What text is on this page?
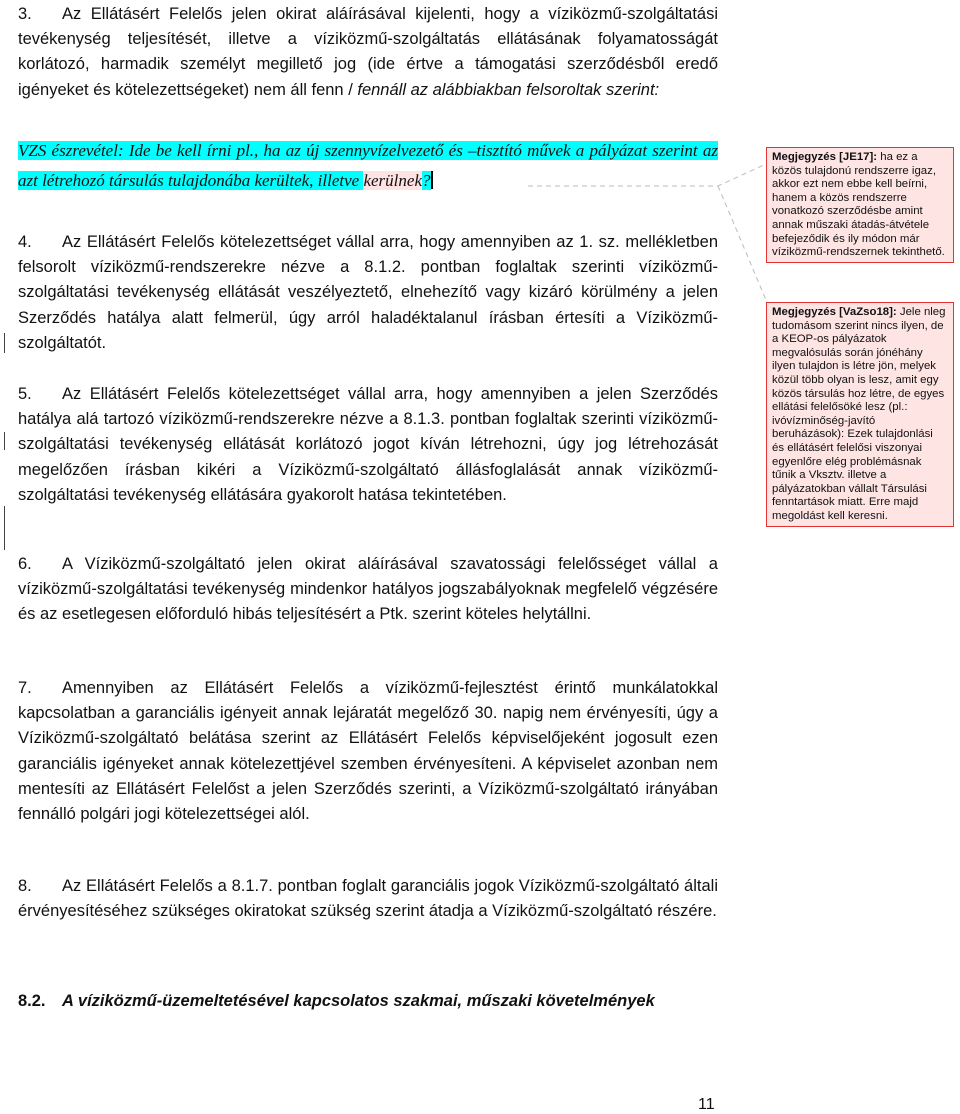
3. Az Ellátásért Felelős jelen okirat aláírásával kijelenti, hogy a víziközmű-szolgáltatási tevékenység teljesítését, illetve a víziközmű-szolgáltatás ellátásának folyamatosságát korlátozó, harmadik személyt megillető jog (ide értve a támogatási szerződésből eredő igényeket és kötelezettségeket) nem áll fenn / fennáll az alábbiakban felsoroltak szerint:

VZS észrevétel: Ide be kell írni pl., ha az új szennyvízelvezető és –tisztító művek a pályázat szerint az azt létrehozó társulás tulajdonába kerültek, illetve kerülnek?

4. Az Ellátásért Felelős kötelezettséget vállal arra, hogy amennyiben az 1. sz. mellékletben felsorolt víziközmű-rendszerekre nézve a 8.1.2. pontban foglaltak szerinti víziközmű-szolgáltatási tevékenység ellátását veszélyeztető, elnehezítő vagy kizáró körülmény a jelen Szerződés hatálya alatt felmerül, úgy arról haladéktalanul írásban értesíti a Víziközmű-szolgáltatót.

5. Az Ellátásért Felelős kötelezettséget vállal arra, hogy amennyiben a jelen Szerződés hatálya alá tartozó víziközmű-rendszerekre nézve a 8.1.3. pontban foglaltak szerinti víziközmű-szolgáltatási tevékenység ellátását korlátozó jogot kíván létrehozni, úgy jog létrehozását megelőzően írásban kikéri a Víziközmű-szolgáltató állásfoglalását annak víziközmű-szolgáltatási tevékenység ellátására gyakorolt hatása tekintetében.

6. A Víziközmű-szolgáltató jelen okirat aláírásával szavatossági felelősséget vállal a víziközmű-szolgáltatási tevékenység mindenkor hatályos jogszabályoknak megfelelő végzésére és az esetlegesen előforduló hibás teljesítésért a Ptk. szerint köteles helytállni.

7. Amennyiben az Ellátásért Felelős a víziközmű-fejlesztést érintő munkálatokkal kapcsolatban a garanciális igényeit annak lejáratát megelőző 30. napig nem érvényesíti, úgy a Víziközmű-szolgáltató belátása szerint az Ellátásért Felelős képviselőjeként jogosult ezen garanciális igényeket annak kötelezettjével szemben érvényesíteni. A képviselet azonban nem mentesíti az Ellátásért Felelőst a jelen Szerződés szerinti, a Víziközmű-szolgáltató irányában fennálló polgári jogi kötelezettségei alól.

8. Az Ellátásért Felelős a 8.1.7. pontban foglalt garanciális jogok Víziközmű-szolgáltató általi érvényesítéséhez szükséges okiratokat szükség szerint átadja a Víziközmű-szolgáltató részére.

8.2. A víziközmű-üzemeltetésével kapcsolatos szakmai, műszaki követelmények

Megjegyzés [JE17]: ha ez a közös tulajdonú rendszerre igaz, akkor ezt nem ebbe kell beírni, hanem a közös rendszerre vonatkozó szerződésbe amint annak műszaki átadás-átvétele befejeződik és ily módon már víziközmű-rendszernek tekinthető.
Megjegyzés [VaZso18]: Jele nleg tudomásom szerint nincs ilyen, de a KEOP-os pályázatok megvalósulás során jónéhány ilyen tulajdon is létre jön, melyek közül több olyan is lesz, amit egy közös társulás hoz létre, de egyes ellátási felelősöké lesz (pl.: ivóvízminőség-javító beruházások): Ezek tulajdonlási és ellátásért felelősi viszonyai egyenlőre elég problémásnak tűnik a Vksztv. illetve a pályázatokban vállalt Társulási fenntartások miatt. Erre majd megoldást kell keresni.
11
